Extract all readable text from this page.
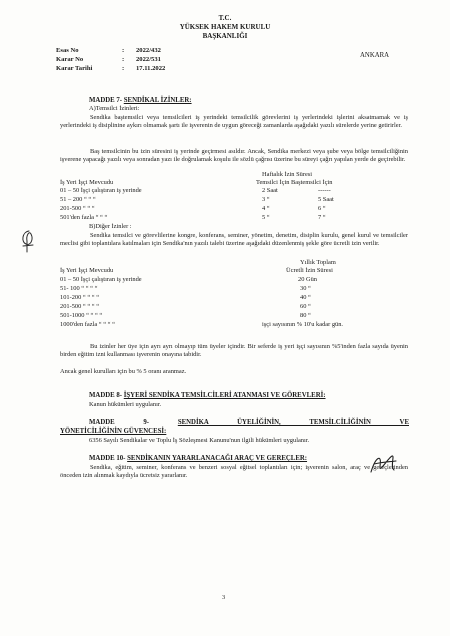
T.C.
YÜKSEK HAKEM KURULU
BAŞKANLIĞI
Esas No	: 2022/432
Karar No	: 2022/531
Karar Tarihi	: 17.11.2022
ANKARA
MADDE 7- SENDİKAL İZİNLER:
A)Temsilci İzinleri:
Sendika baştemsilci veya temsilcileri iş yerindeki temsilcilik görevlerini iş yerlerindeki işlerini aksatmamak ve iş yerlerindeki iş disiplinine aykırı olmamak şartı ile işverenin de uygun göreceği zamanlarda aşağıdaki yazılı sürelerde yerine getirirler.
Baş temsilcinin bu izin süresini iş yerinde geçirmesi asıldır. Ancak, Sendika merkezi veya şube veya bölge temsilciliğinin işverene yapacağı yazılı veya sonradan yazı ile doğrulamak koşulu ile sözlü çağrısı üzerine bu süreyi çağrı yapılan yerde de geçirebilir.
Haftalık İzin Süresi
İş Yeri İşçi Mevcudu	Temsilci İçin Baştemsilci İçin
01 – 50 İşçi çalıştıran iş yerinde	2 Saat	------
51 – 200 “ “ “	3 “	5 Saat
201-500 “ “ “	4 “	6 “
501'den fazla “ “ “	5 “	7 “
B)Diğer İzinler :
Sendika temsilci ve görevlilerine kongre, konferans, seminer, yönetim, denetim, disiplin kurulu, genel kurul ve temsilciler meclisi gibi toplantılara katılmaları için Sendika'nın yazılı talebi üzerine aşağıdaki düzenlenmiş şekle göre ücretli izin verilir.
Yıllık Toplam
İş Yeri İşçi Mevcudu	Ücretli İzin Süresi
01 – 50 İşçi çalıştıran iş yerinde	20 Gün
51- 100 “ “ “ “	30 “
101-200 “ “ “ “	40 “
201-500 “ “ “ “	60 “
501-1000 “ “ “ “	80 “
1000'den fazla “ “ “ “	işçi sayısının % 10'u kadar gün.
Bu izinler her üye için ayrı ayrı olmayıp tüm üyeler içindir. Bir seferde iş yeri işçi sayısının %5'inden fazla sayıda üyenin birden eğitim izni kullanması işverenin onayına tabidir.
Ancak genel kurulları için bu % 5 oranı aranmaz.
MADDE 8- İŞYERİ SENDİKA TEMSİLCİLERİ ATANMASI VE GÖREVLERİ:
Kanun hükümleri uygulanır.
MADDE 9-	SENDİKA ÜYELİĞİNİN, TEMSİLCİLİĞİNİN VE
YÖNETİCİLİĞİNİN GÜVENCESİ:
6356 Sayılı Sendikalar ve Toplu İş Sözleşmesi Kanunu'nun ilgili hükümleri uygulanır.
MADDE 10- SENDİKANIN YARARLANACAĞI ARAÇ VE GEREÇLER:
Sendika, eğitim, seminer, konferans ve benzeri sosyal eğitsel toplantıları için; işverenin salon, araç ve gereçlerinden önceden izin alınmak kaydıyla ücretsiz yararlanır.
3
